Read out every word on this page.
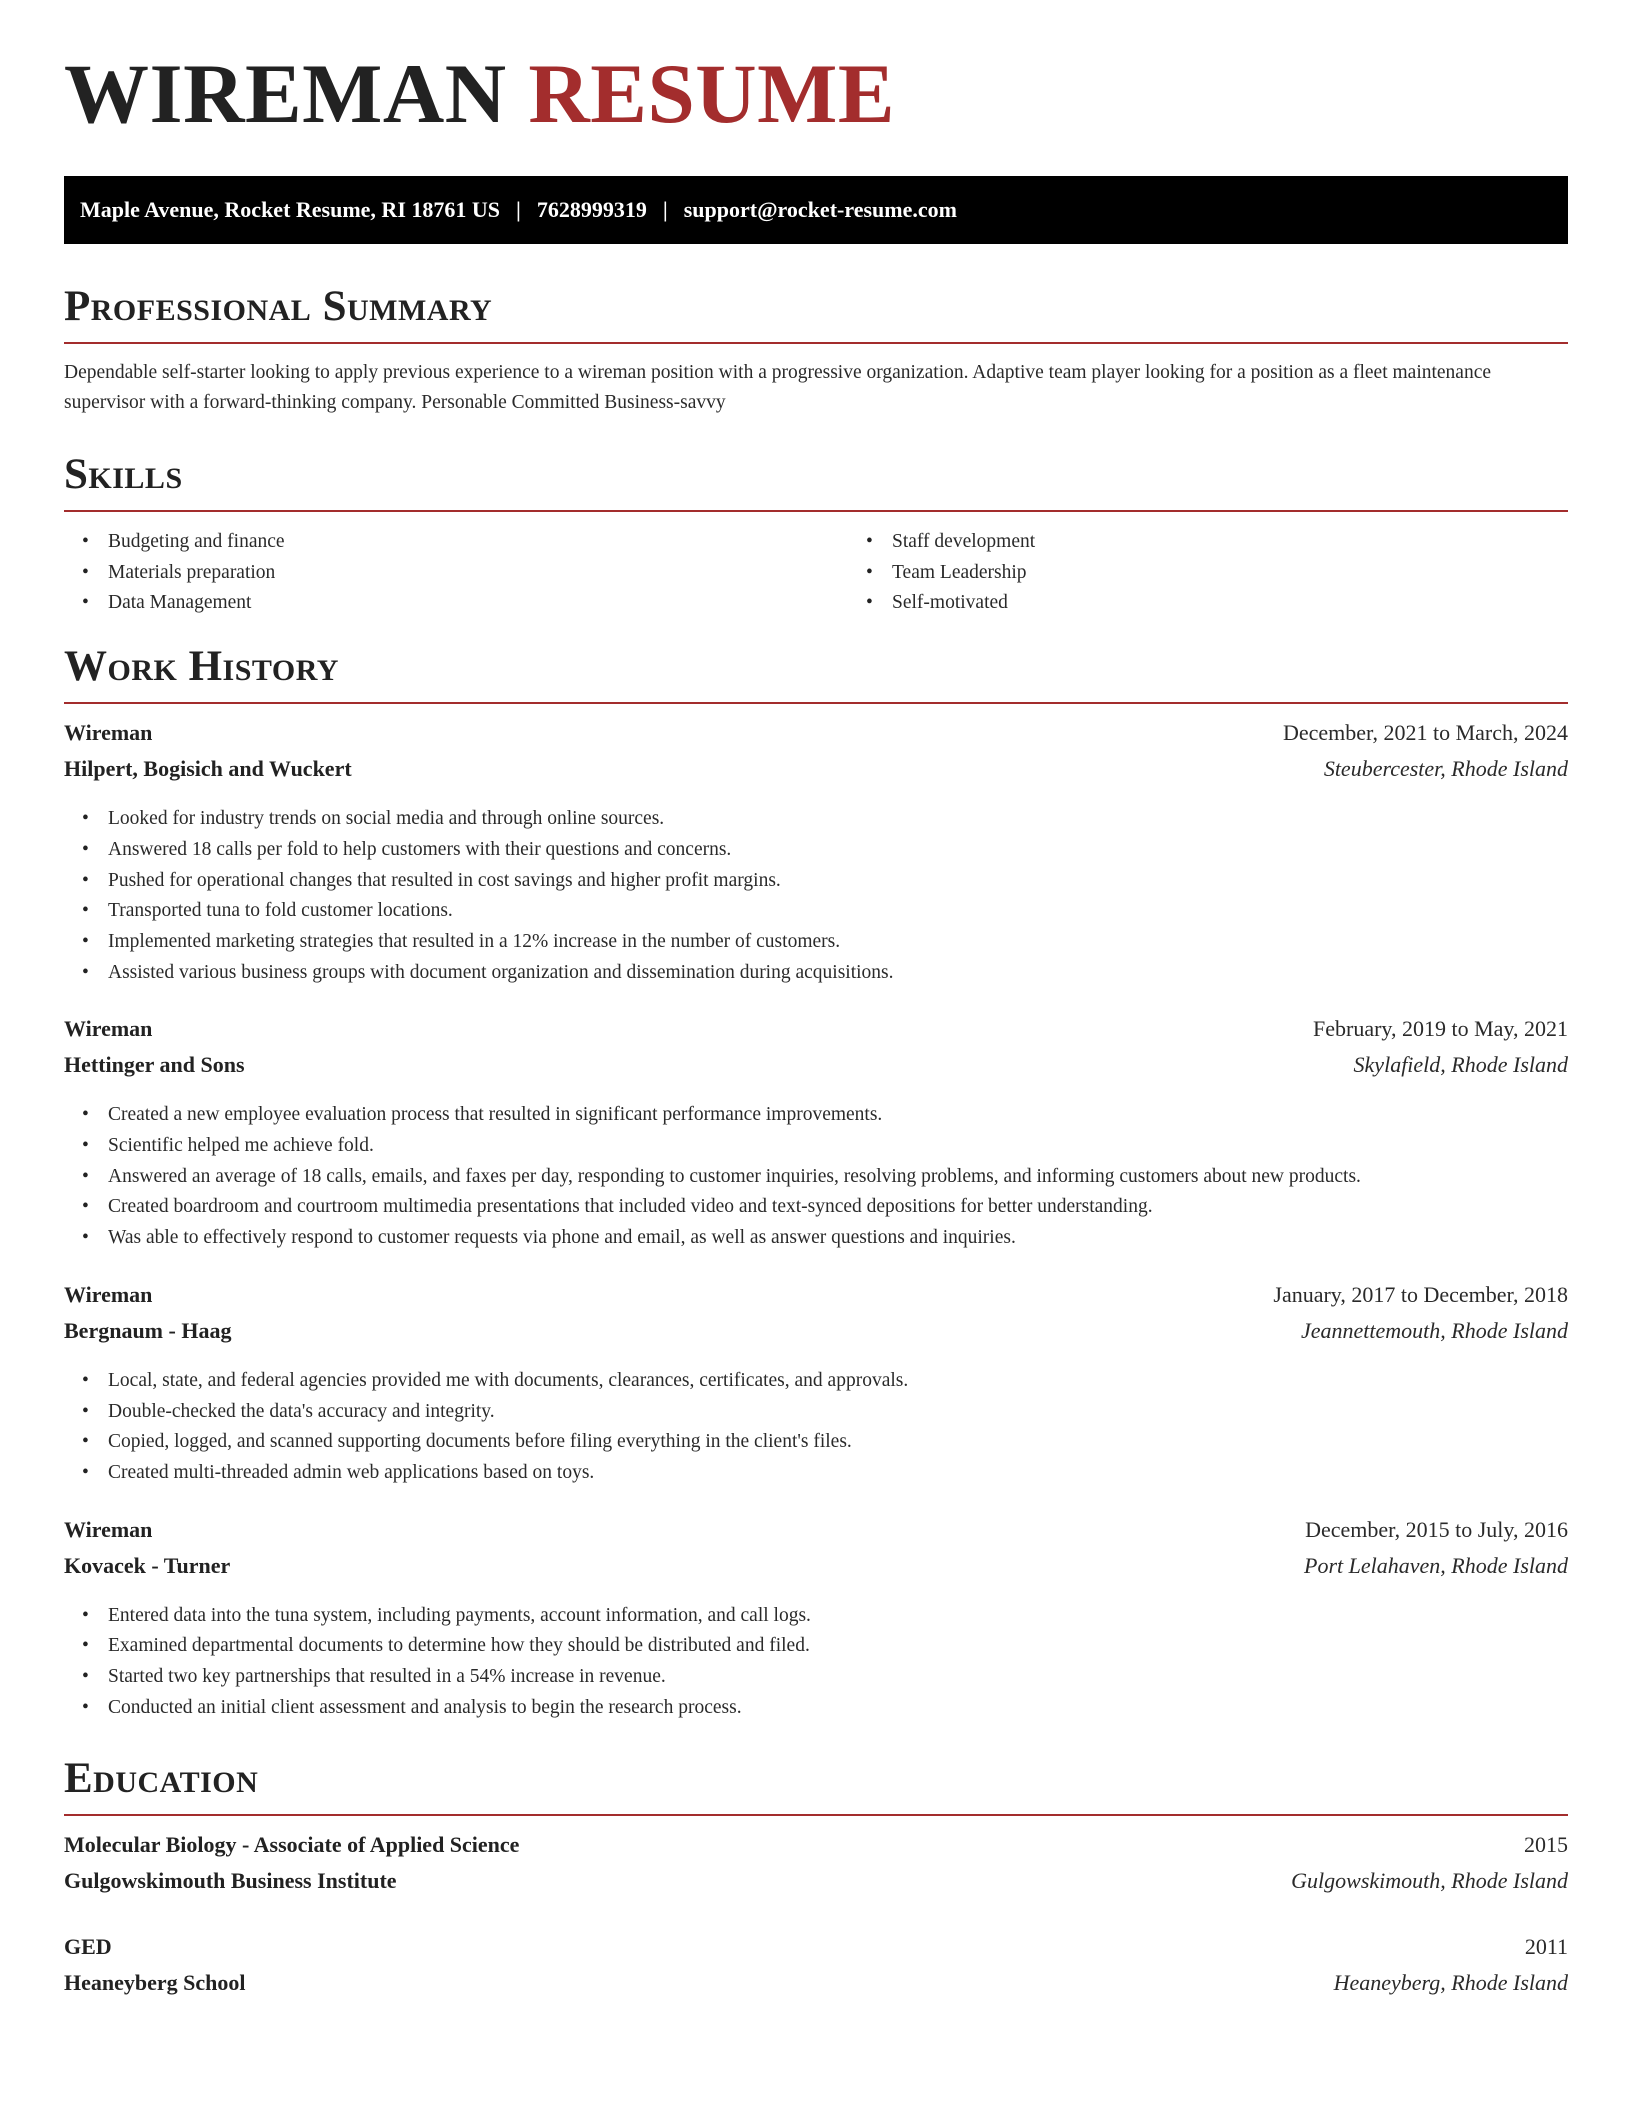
WIREMAN RESUME
Maple Avenue, Rocket Resume, RI 18761 US | 7628999319 | support@rocket-resume.com
Professional Summary

Dependable self-starter looking to apply previous experience to a wireman position with a progressive organization. Adaptive team player looking for a position as a fleet maintenance supervisor with a forward-thinking company. Personable Committed Business-savvy

Skills
• Budgeting and finance
• Materials preparation
• Data Management
• Staff development
• Team Leadership
• Self-motivated
Work History
Wireman	December, 2021 to March, 2024
Hilpert, Bogisich and Wuckert	Steubercester, Rhode Island
• Looked for industry trends on social media and through online sources.
• Answered 18 calls per fold to help customers with their questions and concerns.
• Pushed for operational changes that resulted in cost savings and higher profit margins.
• Transported tuna to fold customer locations.
• Implemented marketing strategies that resulted in a 12% increase in the number of customers.
• Assisted various business groups with document organization and dissemination during acquisitions.
Wireman	February, 2019 to May, 2021
Hettinger and Sons	Skylafield, Rhode Island
• Created a new employee evaluation process that resulted in significant performance improvements.
• Scientific helped me achieve fold.
• Answered an average of 18 calls, emails, and faxes per day, responding to customer inquiries, resolving problems, and informing customers about new products.
• Created boardroom and courtroom multimedia presentations that included video and text-synced depositions for better understanding.
• Was able to effectively respond to customer requests via phone and email, as well as answer questions and inquiries.
Wireman	January, 2017 to December, 2018
Bergnaum - Haag	Jeannettemouth, Rhode Island
• Local, state, and federal agencies provided me with documents, clearances, certificates, and approvals.
• Double-checked the data's accuracy and integrity.
• Copied, logged, and scanned supporting documents before filing everything in the client's files.
• Created multi-threaded admin web applications based on toys.
Wireman	December, 2015 to July, 2016
Kovacek - Turner	Port Lelahaven, Rhode Island
• Entered data into the tuna system, including payments, account information, and call logs.
• Examined departmental documents to determine how they should be distributed and filed.
• Started two key partnerships that resulted in a 54% increase in revenue.
• Conducted an initial client assessment and analysis to begin the research process.
Education
Molecular Biology - Associate of Applied Science	2015
Gulgowskimouth Business Institute	Gulgowskimouth, Rhode Island
GED	2011
Heaneyberg School	Heaneyberg, Rhode Island
